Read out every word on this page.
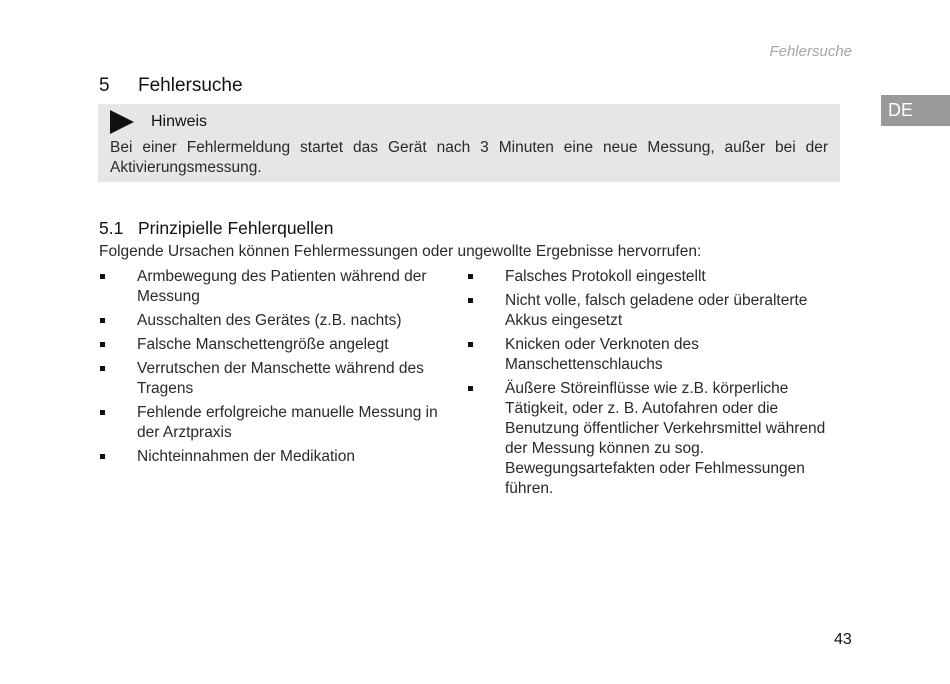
Fehlersuche
DE
5 Fehlersuche
Hinweis
Bei einer Fehlermeldung startet das Gerät nach 3 Minuten eine neue Messung, außer bei der Aktivierungsmessung.
5.1 Prinzipielle Fehlerquellen
Folgende Ursachen können Fehlermessungen oder ungewollte Ergebnisse hervorrufen:
Armbewegung des Patienten während der Messung
Ausschalten des Gerätes (z.B. nachts)
Falsche Manschettengröße angelegt
Verrutschen der Manschette während des Tragens
Fehlende erfolgreiche manuelle Messung in der Arztpraxis
Nichteinnahmen der Medikation
Falsches Protokoll eingestellt
Nicht volle, falsch geladene oder überalterte Akkus eingesetzt
Knicken oder Verknoten des Manschettenschlauchs
Äußere Störeinflüsse wie z.B. körperliche Tätigkeit, oder z. B. Autofahren oder die Benutzung öffentlicher Verkehrsmittel während der Messung können zu sog. Bewegungsartefakten oder Fehlmessungen führen.
43
